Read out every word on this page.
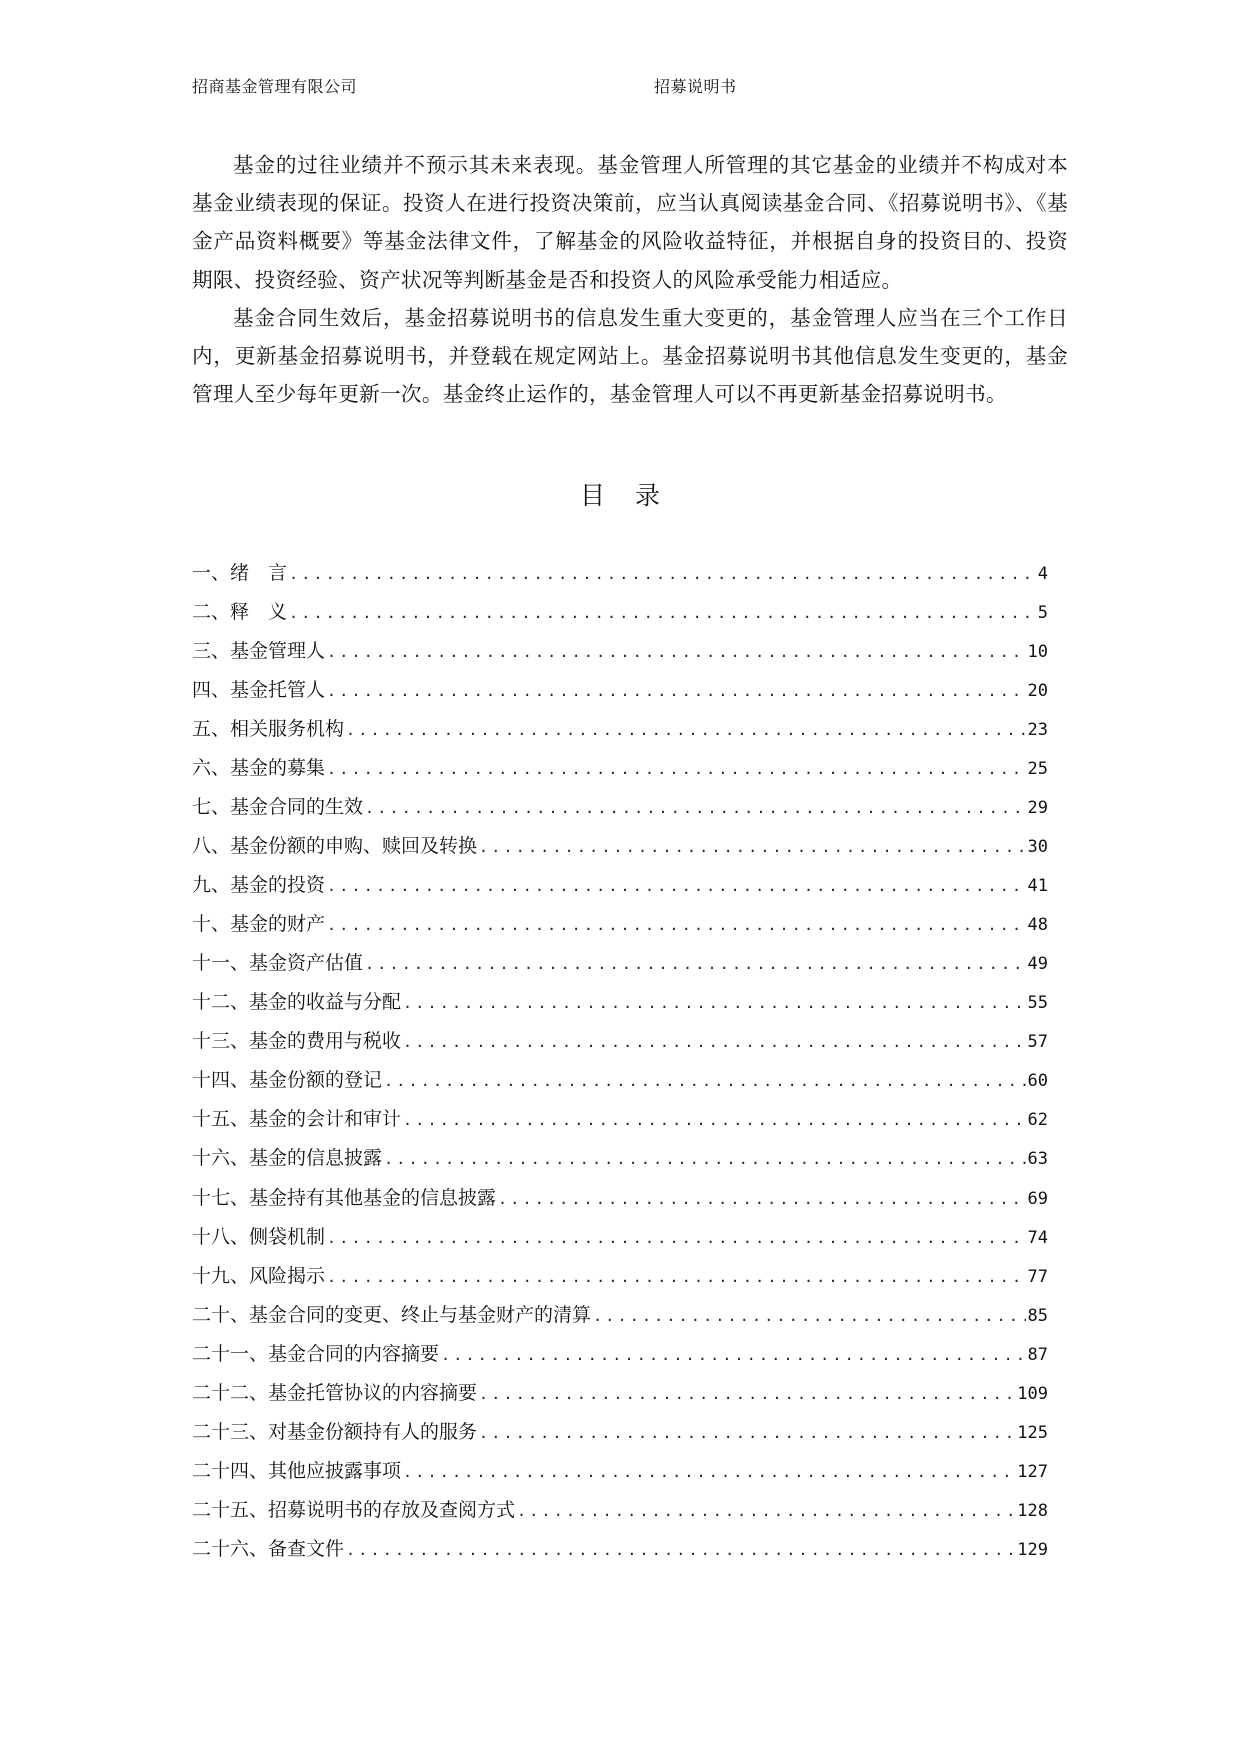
招商基金管理有限公司	招募说明书

基金的过往业绩并不预示其未来表现。基金管理人所管理的其它基金的业绩并不构成对本基金业绩表现的保证。投资人在进行投资决策前，应当认真阅读基金合同、《招募说明书》、《基金产品资料概要》等基金法律文件，了解基金的风险收益特征，并根据自身的投资目的、投资期限、投资经验、资产状况等判断基金是否和投资人的风险承受能力相适应。

基金合同生效后，基金招募说明书的信息发生重大变更的，基金管理人应当在三个工作日内，更新基金招募说明书，并登载在规定网站上。基金招募说明书其他信息发生变更的，基金管理人至少每年更新一次。基金终止运作的，基金管理人可以不再更新基金招募说明书。

目录
一、绪　言 .....	4
二、释　义 .....	5
三、基金管理人 .....	10
四、基金托管人 .....	20
五、相关服务机构 .....	23
六、基金的募集 .....	25
七、基金合同的生效 .....	29
八、基金份额的申购、赎回及转换 .....	30
九、基金的投资 .....	41
十、基金的财产 .....	48
十一、基金资产估值 .....	49
十二、基金的收益与分配 .....	55
十三、基金的费用与税收 .....	57
十四、基金份额的登记 .....	60
十五、基金的会计和审计 .....	62
十六、基金的信息披露 .....	63
十七、基金持有其他基金的信息披露 .....	69
十八、侧袋机制 .....	74
十九、风险揭示 .....	77
二十、基金合同的变更、终止与基金财产的清算 .....	85
二十一、基金合同的内容摘要 .....	87
二十二、基金托管协议的内容摘要 .....	109
二十三、对基金份额持有人的服务 .....	125
二十四、其他应披露事项 .....	127
二十五、招募说明书的存放及查阅方式 .....	128
二十六、备查文件 .....	129
